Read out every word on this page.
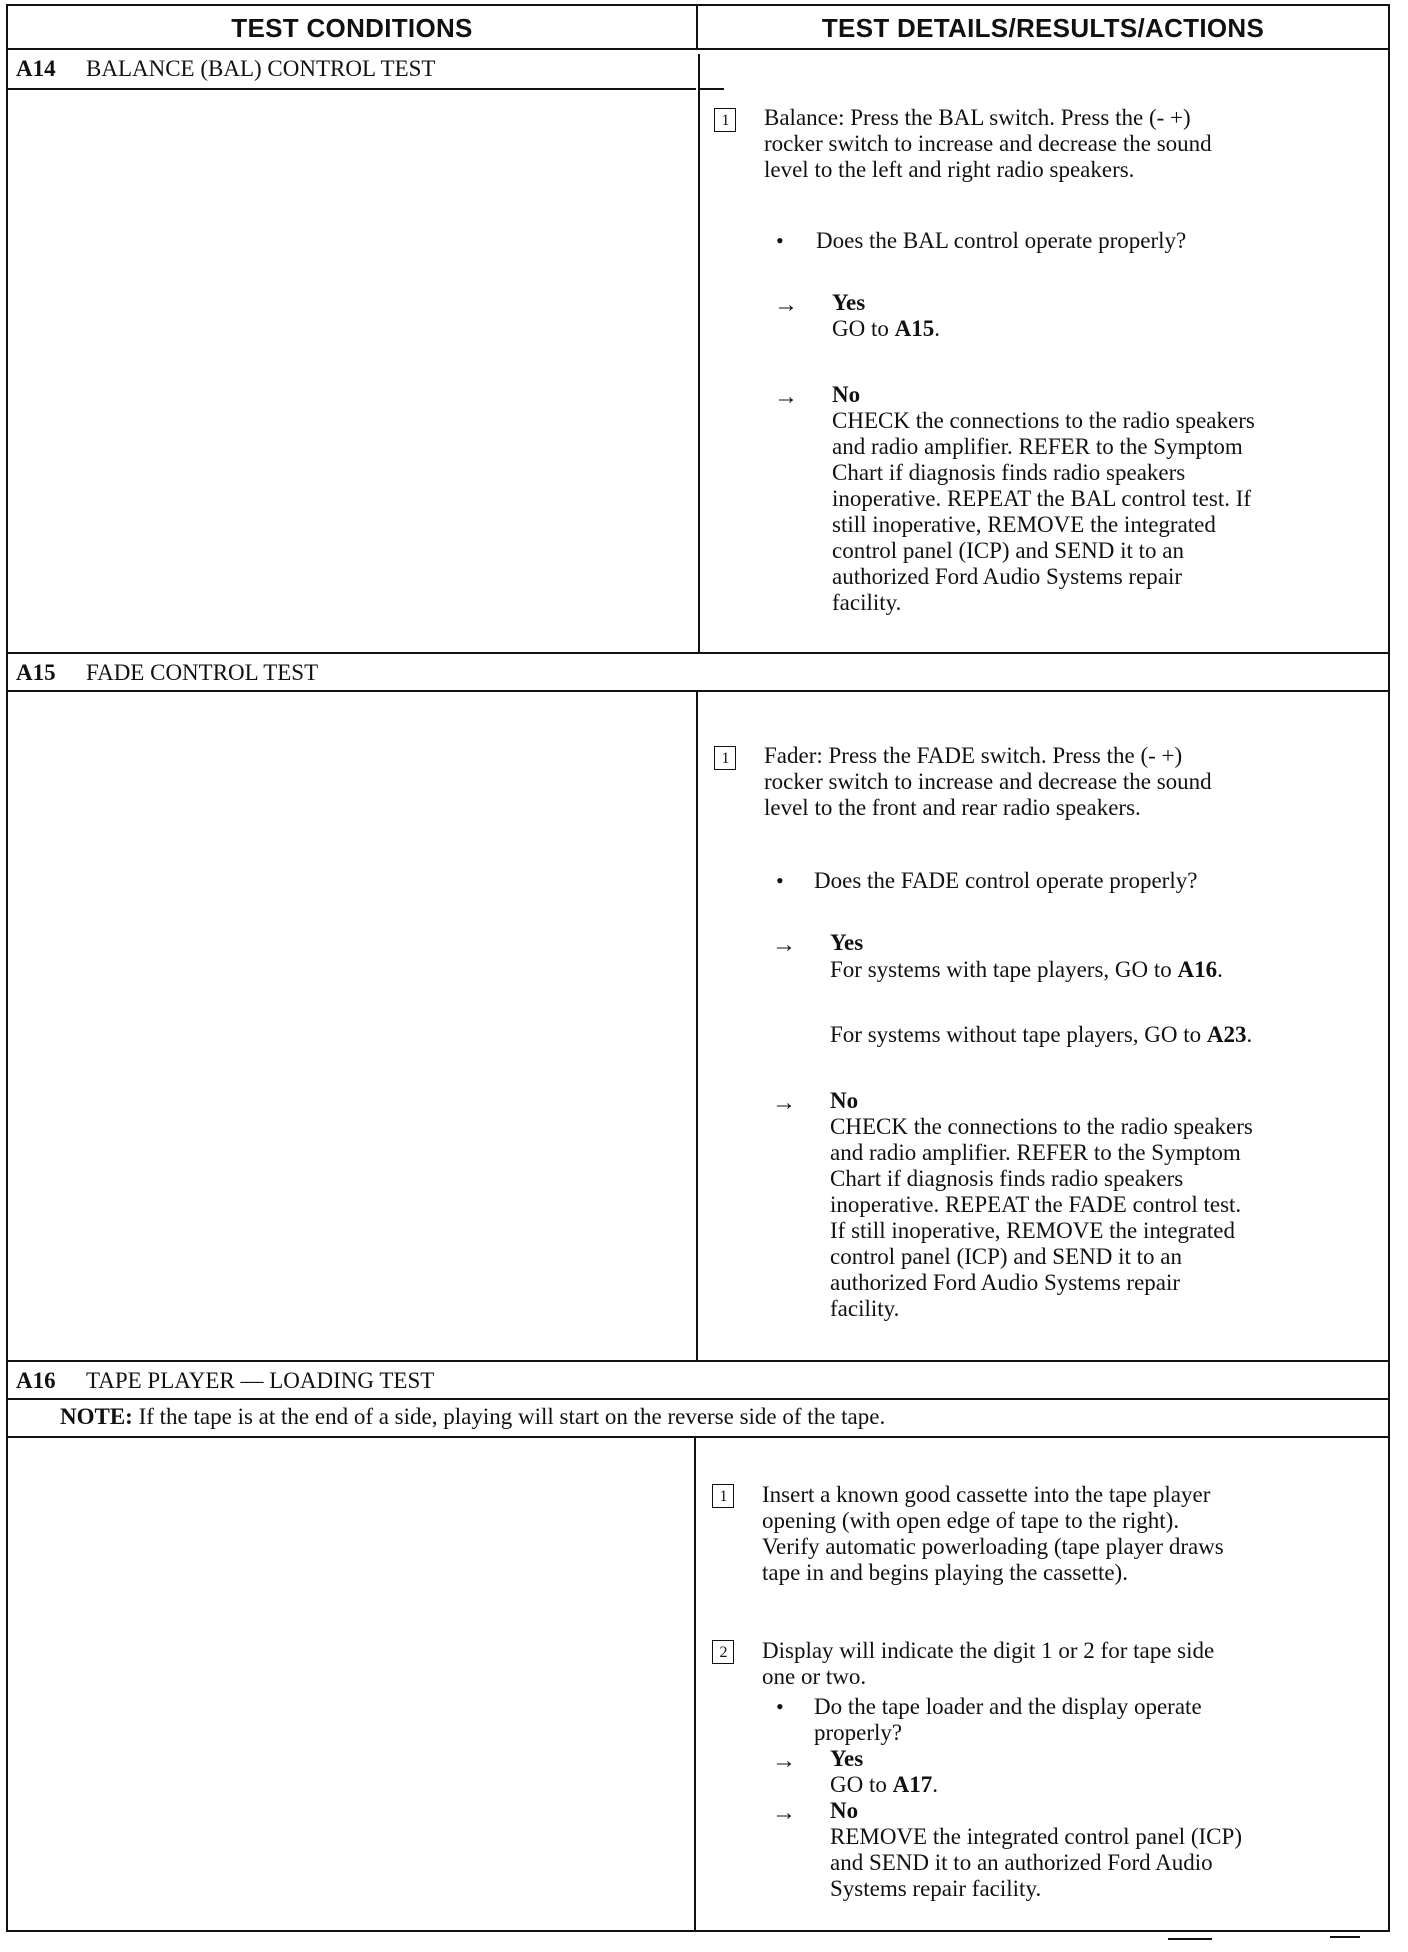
TEST CONDITIONS	TEST DETAILS/RESULTS/ACTIONS
A14 BALANCE (BAL) CONTROL TEST
1 Balance: Press the BAL switch. Press the (- +)
rocker switch to increase and decrease the sound
level to the left and right radio speakers.
• Does the BAL control operate properly?
→ Yes
GO to A15.
→ No
CHECK the connections to the radio speakers
and radio amplifier. REFER to the Symptom
Chart if diagnosis finds radio speakers
inoperative. REPEAT the BAL control test. If
still inoperative, REMOVE the integrated
control panel (ICP) and SEND it to an
authorized Ford Audio Systems repair
facility.
A15 FADE CONTROL TEST
1 Fader: Press the FADE switch. Press the (- +)
rocker switch to increase and decrease the sound
level to the front and rear radio speakers.
• Does the FADE control operate properly?
→ Yes
For systems with tape players, GO to A16.
For systems without tape players, GO to A23.
→ No
CHECK the connections to the radio speakers
and radio amplifier. REFER to the Symptom
Chart if diagnosis finds radio speakers
inoperative. REPEAT the FADE control test.
If still inoperative, REMOVE the integrated
control panel (ICP) and SEND it to an
authorized Ford Audio Systems repair
facility.
A16 TAPE PLAYER — LOADING TEST
NOTE: If the tape is at the end of a side, playing will start on the reverse side of the tape.
1 Insert a known good cassette into the tape player
opening (with open edge of tape to the right).
Verify automatic powerloading (tape player draws
tape in and begins playing the cassette).
2 Display will indicate the digit 1 or 2 for tape side
one or two.
• Do the tape loader and the display operate
properly?
→ Yes
GO to A17.
→ No
REMOVE the integrated control panel (ICP)
and SEND it to an authorized Ford Audio
Systems repair facility.
